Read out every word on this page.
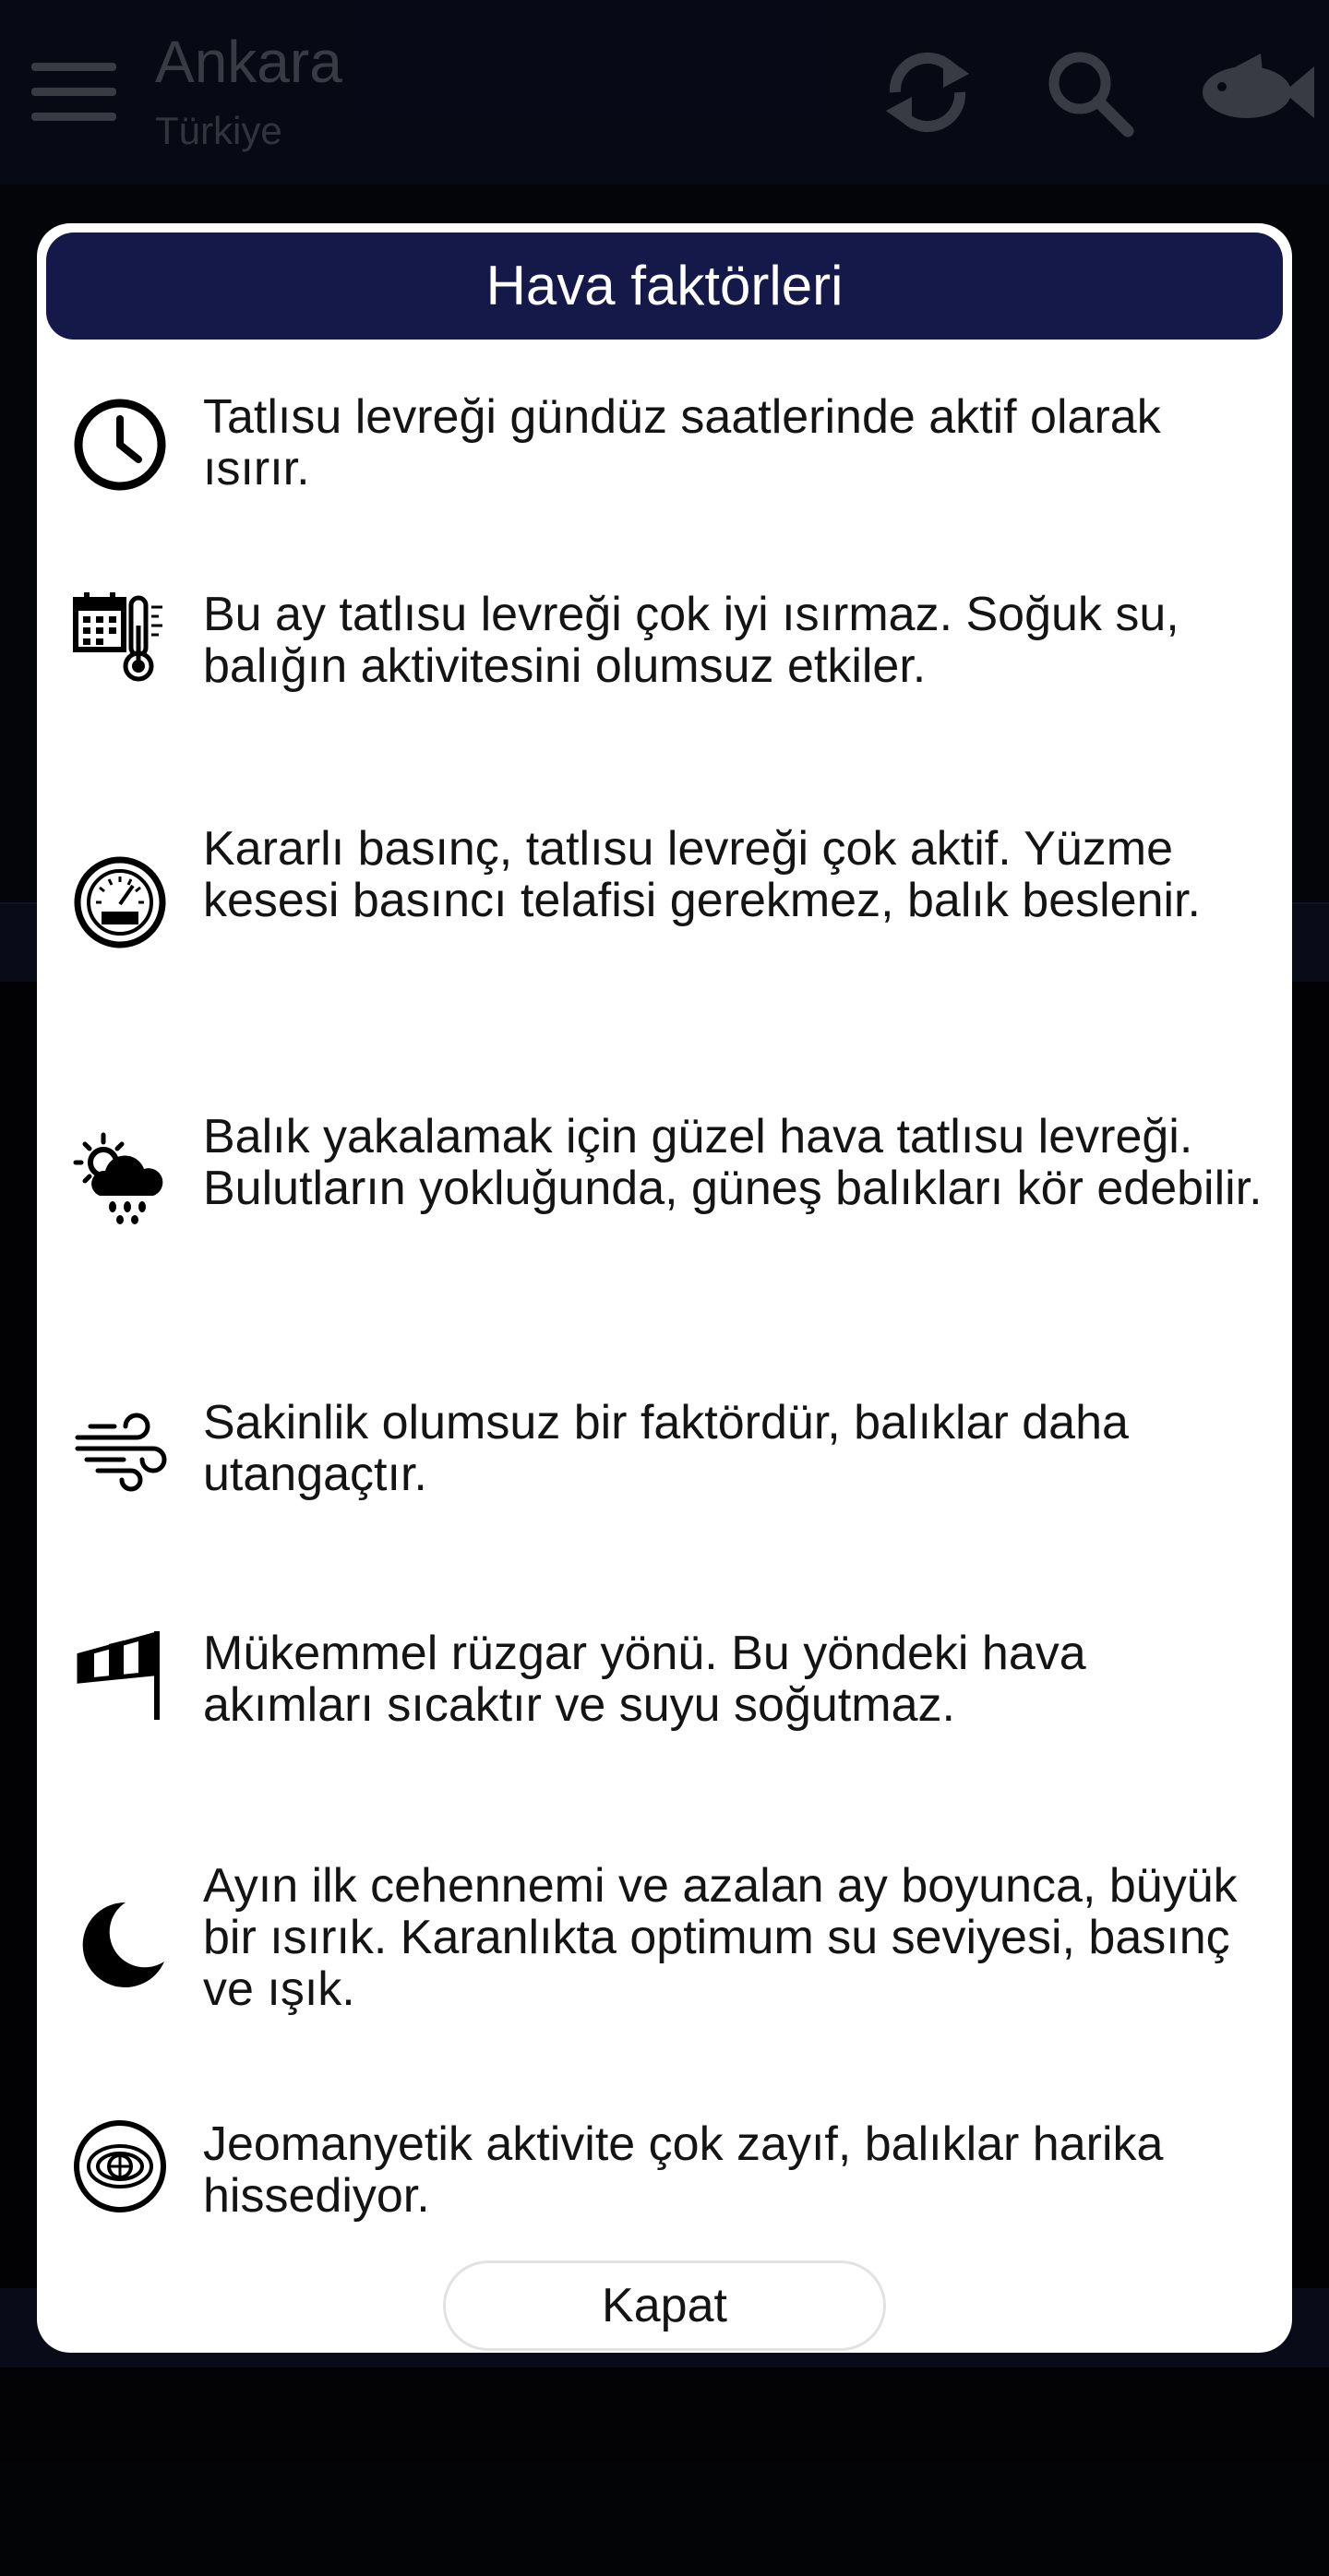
Hava faktörleri
Tatlısu levreği gündüz saatlerinde aktif olarak ısırır.
Bu ay tatlısu levreği çok iyi ısırmaz. Soğuk su, balığın aktivitesini olumsuz etkiler.
Kararlı basınç, tatlısu levreği çok aktif. Yüzme kesesi basıncı telafisi gerekmez, balık beslenir.
Balık yakalamak için güzel hava tatlısu levreği. Bulutların yokluğunda, güneş balıkları kör edebilir.
Sakinlik olumsuz bir faktördür, balıklar daha utangaçtır.
Mükemmel rüzgar yönü. Bu yöndeki hava akımları sıcaktır ve suyu soğutmaz.
Ayın ilk cehennemi ve azalan ay boyunca, büyük bir ısırık. Karanlıkta optimum su seviyesi, basınç ve ışık.
Jeomanyetik aktivite çok zayıf, balıklar harika hissediyor.
Kapat
